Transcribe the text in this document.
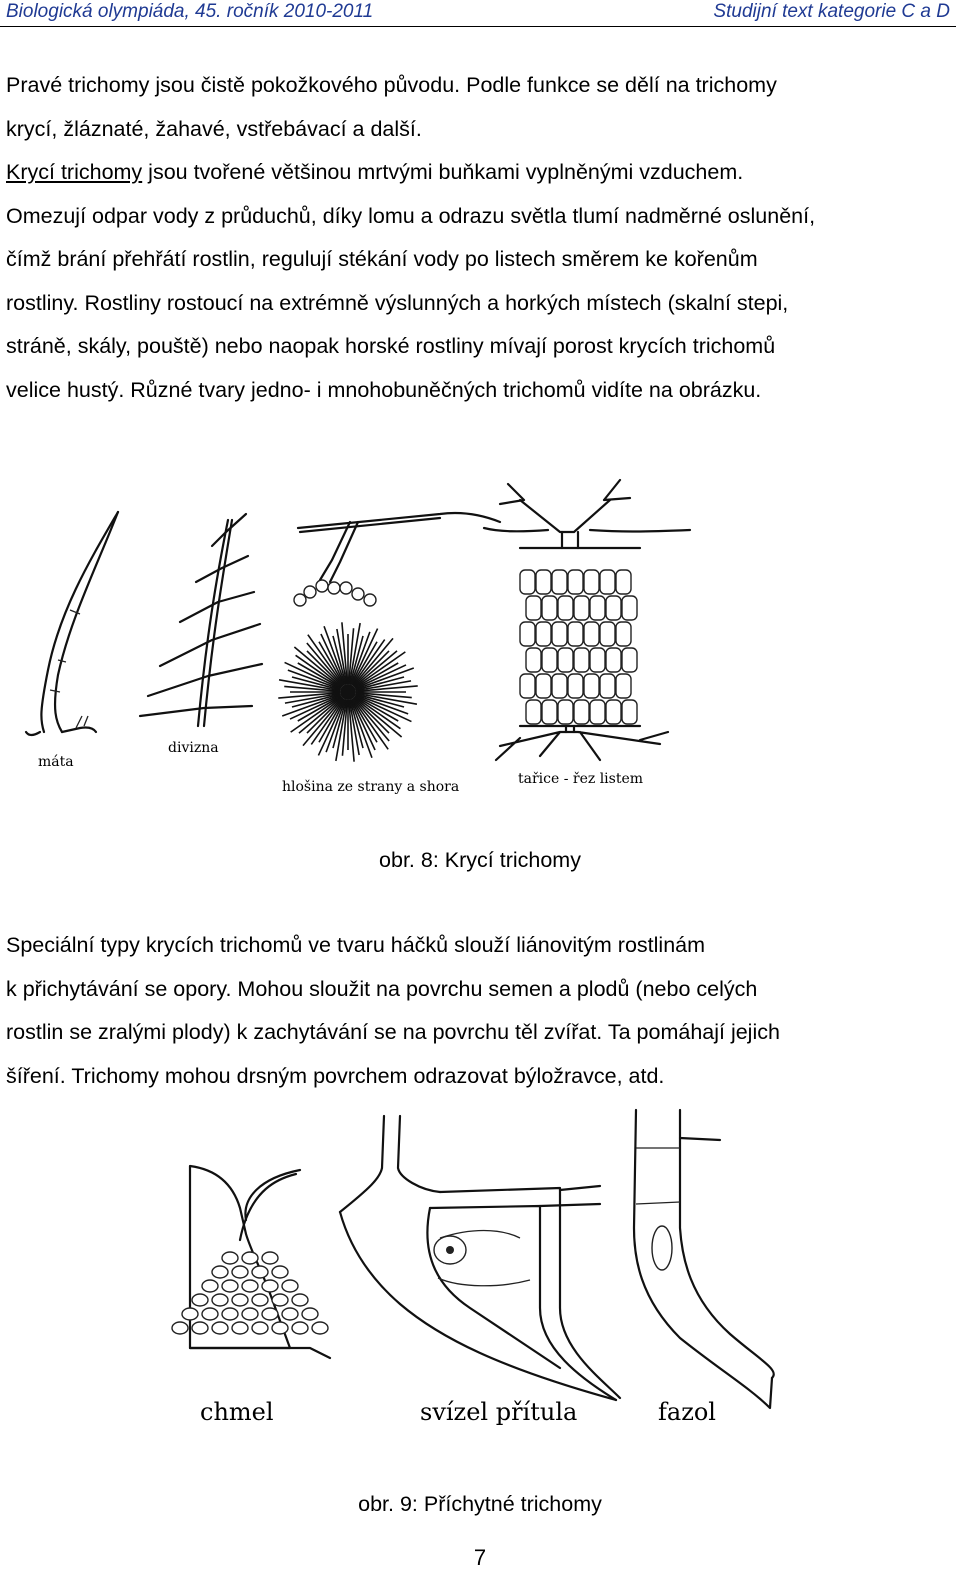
Biologická olympiáda, 45. ročník 2010-2011	Studijní text kategorie C a D

Pravé trichomy jsou čistě pokožkového původu. Podle funkce se dělí na trichomy

krycí, žláznaté, žahavé, vstřebávací a další.

Krycí trichomy jsou tvořené většinou mrtvými buňkami vyplněnými vzduchem.

Omezují odpar vody z průduchů, díky lomu a odrazu světla tlumí nadměrné oslunění,

čímž brání přehřátí rostlin, regulují stékání vody po listech směrem ke kořenům

rostliny. Rostliny rostoucí na extrémně výslunných a horkých místech (skalní stepi,

stráně, skály, pouště) nebo naopak horské rostliny mívají porost krycích trichomů

velice hustý. Různé tvary jedno- i mnohobuněčných trichomů vidíte na obrázku.

máta
divizna
hlošina ze strany a shora	tařice - řez listem
obr. 8: Krycí trichomy

Speciální typy krycích trichomů ve tvaru háčků slouží liánovitým rostlinám

k přichytávání se opory. Mohou sloužit na povrchu semen a plodů (nebo celých

rostlin se zralými plody) k zachytávání se na povrchu těl zvířat. Ta pomáhají jejich

šíření. Trichomy mohou drsným povrchem odrazovat býložravce, atd.

chmel	svízel přítula	fazol
obr. 9: Příchytné trichomy
7
